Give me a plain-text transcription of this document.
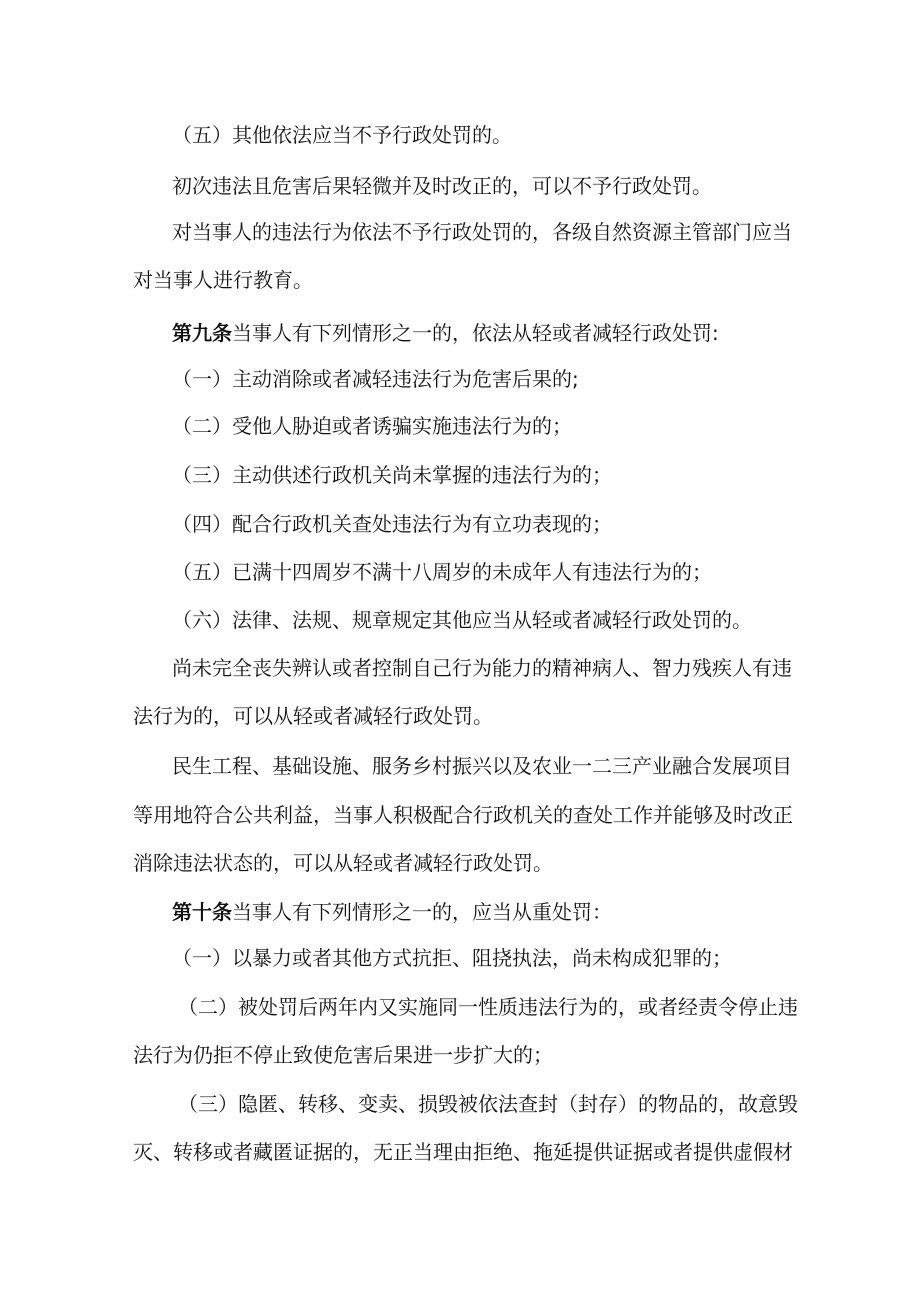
（五）其他依法应当不予行政处罚的。
初次违法且危害后果轻微并及时改正的，可以不予行政处罚。
对当事人的违法行为依法不予行政处罚的，各级自然资源主管部门应当
对当事人进行教育。
第九条当事人有下列情形之一的，依法从轻或者减轻行政处罚:
（一）主动消除或者减轻违法行为危害后果的;
（二）受他人胁迫或者诱骗实施违法行为的；
（三）主动供述行政机关尚未掌握的违法行为的；
（四）配合行政机关查处违法行为有立功表现的；
（五）已满十四周岁不满十八周岁的未成年人有违法行为的；
（六）法律、法规、规章规定其他应当从轻或者减轻行政处罚的。
尚未完全丧失辨认或者控制自己行为能力的精神病人、智力残疾人有违
法行为的，可以从轻或者减轻行政处罚。
民生工程、基础设施、服务乡村振兴以及农业一二三产业融合发展项目
等用地符合公共利益，当事人积极配合行政机关的查处工作并能够及时改正
消除违法状态的，可以从轻或者减轻行政处罚。
第十条当事人有下列情形之一的，应当从重处罚：
（一）以暴力或者其他方式抗拒、阻挠执法，尚未构成犯罪的；
（二）被处罚后两年内又实施同一性质违法行为的，或者经责令停止违
法行为仍拒不停止致使危害后果进一步扩大的；
（三）隐匿、转移、变卖、损毁被依法查封（封存）的物品的，故意毁
灭、转移或者藏匿证据的，无正当理由拒绝、拖延提供证据或者提供虚假材
